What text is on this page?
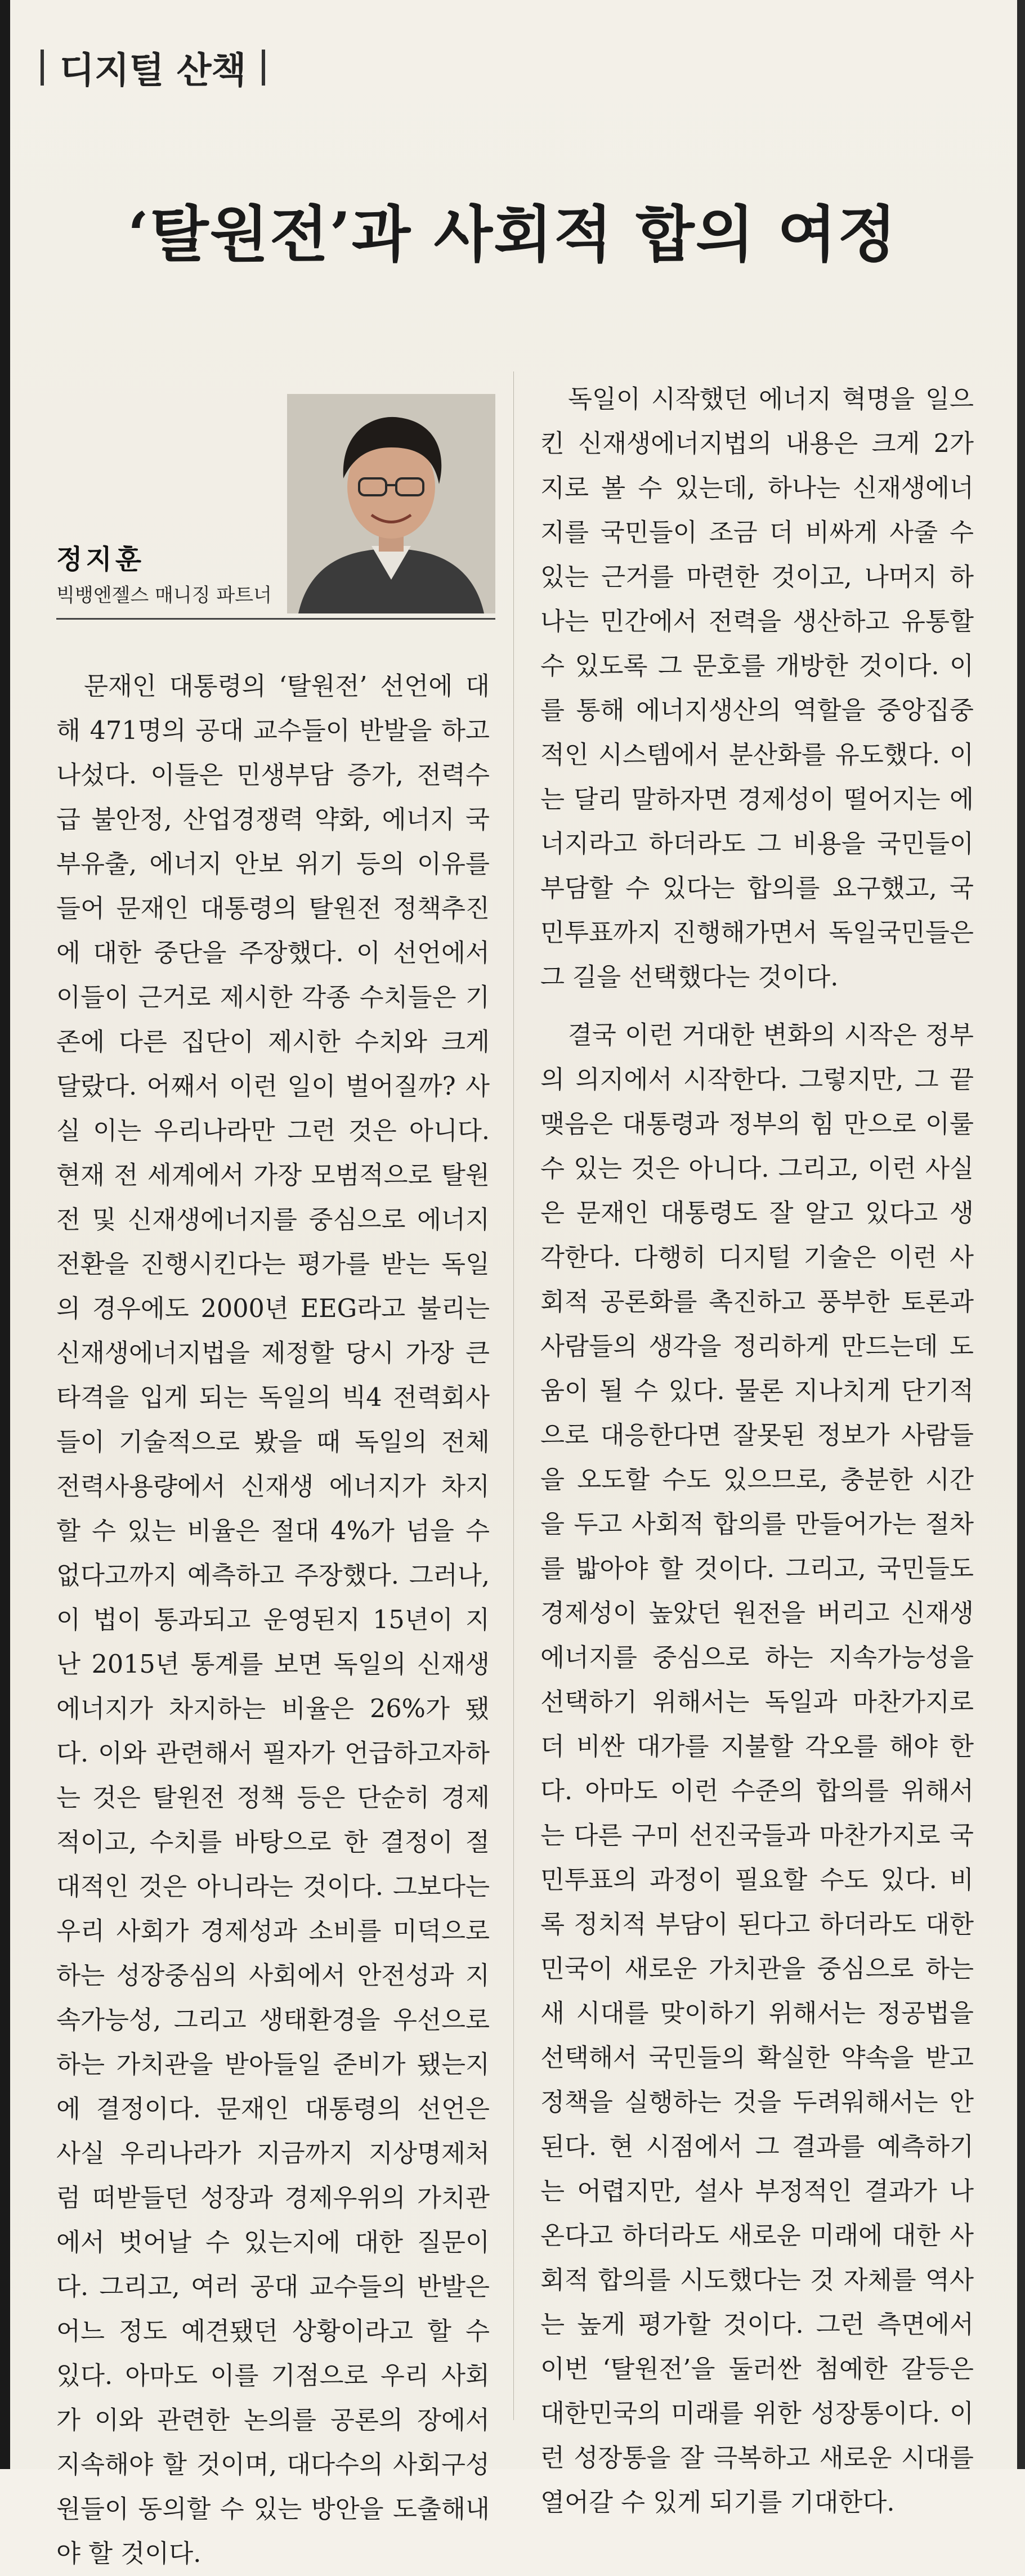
디지털 산책
‘탈원전’과 사회적 합의 여정
정지훈
빅뱅엔젤스 매니징 파트너

문재인 대통령의 ‘탈원전’ 선언에 대해 471명의 공대 교수들이 반발을 하고 나섰다. 이들은 민생부담 증가, 전력수급 불안정, 산업경쟁력 약화, 에너지 국부유출, 에너지 안보 위기 등의 이유를 들어 문재인 대통령의 탈원전 정책추진에 대한 중단을 주장했다. 이 선언에서 이들이 근거로 제시한 각종 수치들은 기존에 다른 집단이 제시한 수치와 크게 달랐다. 어째서 이런 일이 벌어질까? 사실 이는 우리나라만 그런 것은 아니다. 현재 전 세계에서 가장 모범적으로 탈원전 및 신재생에너지를 중심으로 에너지 전환을 진행시킨다는 평가를 받는 독일의 경우에도 2000년 EEG라고 불리는 신재생에너지법을 제정할 당시 가장 큰 타격을 입게 되는 독일의 빅4 전력회사들이 기술적으로 봤을 때 독일의 전체 전력사용량에서 신재생 에너지가 차지할 수 있는 비율은 절대 4%가 넘을 수 없다고까지 예측하고 주장했다. 그러나, 이 법이 통과되고 운영된지 15년이 지난 2015년 통계를 보면 독일의 신재생 에너지가 차지하는 비율은 26%가 됐다. 이와 관련해서 필자가 언급하고자하는 것은 탈원전 정책 등은 단순히 경제적이고, 수치를 바탕으로 한 결정이 절대적인 것은 아니라는 것이다. 그보다는 우리 사회가 경제성과 소비를 미덕으로 하는 성장중심의 사회에서 안전성과 지속가능성, 그리고 생태환경을 우선으로 하는 가치관을 받아들일 준비가 됐는지에 결정이다. 문재인 대통령의 선언은 사실 우리나라가 지금까지 지상명제처럼 떠받들던 성장과 경제우위의 가치관에서 벗어날 수 있는지에 대한 질문이다. 그리고, 여러 공대 교수들의 반발은 어느 정도 예견됐던 상황이라고 할 수 있다. 아마도 이를 기점으로 우리 사회가 이와 관련한 논의를 공론의 장에서 지속해야 할 것이며, 대다수의 사회구성원들이 동의할 수 있는 방안을 도출해내야 할 것이다.

독일이 시작했던 에너지 혁명을 일으킨 신재생에너지법의 내용은 크게 2가지로 볼 수 있는데, 하나는 신재생에너지를 국민들이 조금 더 비싸게 사줄 수 있는 근거를 마련한 것이고, 나머지 하나는 민간에서 전력을 생산하고 유통할 수 있도록 그 문호를 개방한 것이다. 이를 통해 에너지생산의 역할을 중앙집중적인 시스템에서 분산화를 유도했다. 이는 달리 말하자면 경제성이 떨어지는 에너지라고 하더라도 그 비용을 국민들이 부담할 수 있다는 합의를 요구했고, 국민투표까지 진행해가면서 독일국민들은 그 길을 선택했다는 것이다.

결국 이런 거대한 변화의 시작은 정부의 의지에서 시작한다. 그렇지만, 그 끝맺음은 대통령과 정부의 힘 만으로 이룰 수 있는 것은 아니다. 그리고, 이런 사실은 문재인 대통령도 잘 알고 있다고 생각한다. 다행히 디지털 기술은 이런 사회적 공론화를 촉진하고 풍부한 토론과 사람들의 생각을 정리하게 만드는데 도움이 될 수 있다. 물론 지나치게 단기적으로 대응한다면 잘못된 정보가 사람들을 오도할 수도 있으므로, 충분한 시간을 두고 사회적 합의를 만들어가는 절차를 밟아야 할 것이다. 그리고, 국민들도 경제성이 높았던 원전을 버리고 신재생에너지를 중심으로 하는 지속가능성을 선택하기 위해서는 독일과 마찬가지로 더 비싼 대가를 지불할 각오를 해야 한다. 아마도 이런 수준의 합의를 위해서는 다른 구미 선진국들과 마찬가지로 국민투표의 과정이 필요할 수도 있다. 비록 정치적 부담이 된다고 하더라도 대한민국이 새로운 가치관을 중심으로 하는 새 시대를 맞이하기 위해서는 정공법을 선택해서 국민들의 확실한 약속을 받고 정책을 실행하는 것을 두려워해서는 안된다. 현 시점에서 그 결과를 예측하기는 어렵지만, 설사 부정적인 결과가 나온다고 하더라도 새로운 미래에 대한 사회적 합의를 시도했다는 것 자체를 역사는 높게 평가할 것이다. 그런 측면에서 이번 ‘탈원전’을 둘러싼 첨예한 갈등은 대한민국의 미래를 위한 성장통이다. 이런 성장통을 잘 극복하고 새로운 시대를 열어갈 수 있게 되기를 기대한다.
